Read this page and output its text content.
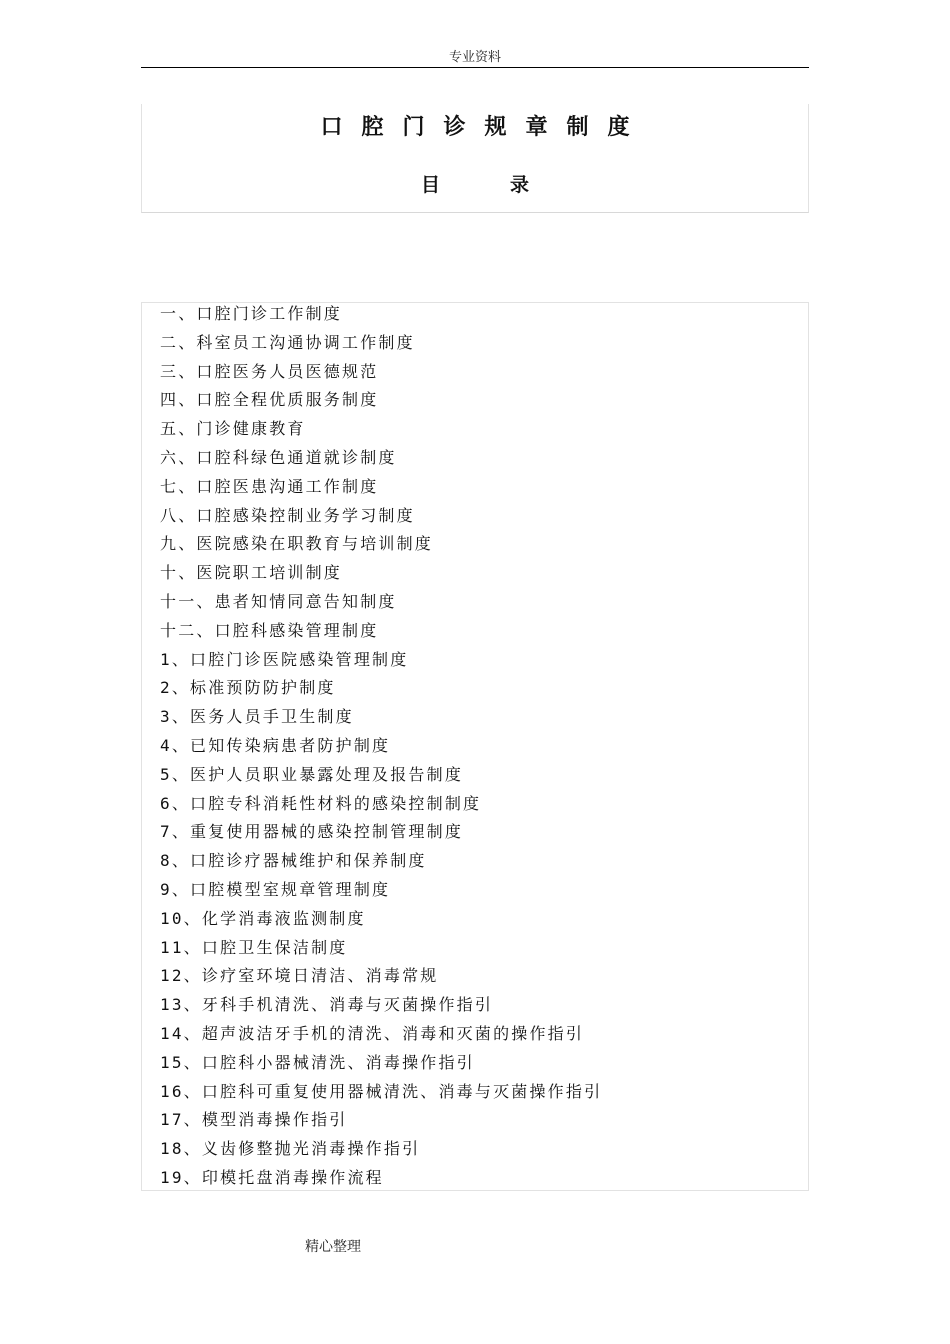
专业资料
口腔门诊规章制度
目录
一、口腔门诊工作制度
二、科室员工沟通协调工作制度
三、口腔医务人员医德规范
四、口腔全程优质服务制度
五、门诊健康教育
六、口腔科绿色通道就诊制度
七、口腔医患沟通工作制度
八、口腔感染控制业务学习制度
九、医院感染在职教育与培训制度
十、医院职工培训制度
十一、患者知情同意告知制度
十二、口腔科感染管理制度
1、口腔门诊医院感染管理制度
2、标准预防防护制度
3、医务人员手卫生制度
4、已知传染病患者防护制度
5、医护人员职业暴露处理及报告制度
6、口腔专科消耗性材料的感染控制制度
7、重复使用器械的感染控制管理制度
8、口腔诊疗器械维护和保养制度
9、口腔模型室规章管理制度
10、化学消毒液监测制度
11、口腔卫生保洁制度
12、诊疗室环境日清洁、消毒常规
13、牙科手机清洗、消毒与灭菌操作指引
14、超声波洁牙手机的清洗、消毒和灭菌的操作指引
15、口腔科小器械清洗、消毒操作指引
16、口腔科可重复使用器械清洗、消毒与灭菌操作指引
17、模型消毒操作指引
18、义齿修整抛光消毒操作指引
19、印模托盘消毒操作流程
精心整理
